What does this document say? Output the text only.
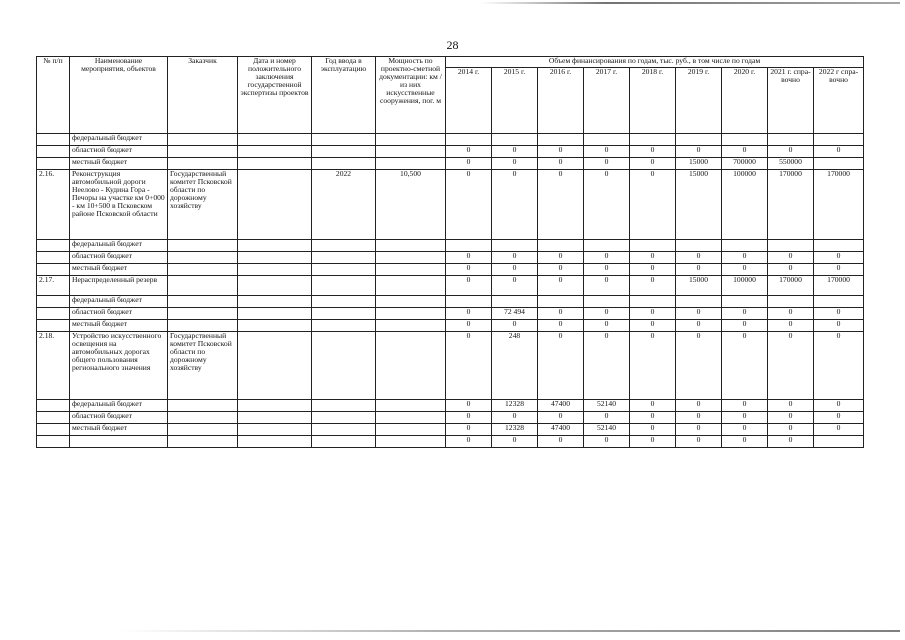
28
№ п/п	Наименование мероприятия, объектов	Заказчик	Дата и номер положительного заключения государственной экспертизы проектов	Год ввода в эксплуатацию	Мощность по проектно-сметной документации: км / из них искусственные сооружения, пог. м	Объем финансирования по годам, тыс. руб., в том числе по годам								
						2014 г.	2015 г.	2016 г.	2017 г.	2018 г.	2019 г.	2020 г.	2021 г. спра-вочно	2022 г спра-вочно
	федеральный бюджет													
	областной бюджет					0	0	0	0	0	0	0	0	0
	местный бюджет					0	0	0	0	0	15000	700000	550000	
2.16.	Реконструкция автомобильной дороги Неелово - Кудина Гора - Печоры на участке км 0+000 - км 10+500 в Псковском районе Псковской области	Государственный комитет Псковской области по дорожному хозяйству		2022	10,500	0	0	0	0	0	15000	100000	170000	170000
	федеральный бюджет													
	областной бюджет					0	0	0	0	0	0	0	0	0
	местный бюджет					0	0	0	0	0	0	0	0	0
2.17.	Нераспределенный резерв					0	0	0	0	0	15000	100000	170000	170000
	федеральный бюджет													
	областной бюджет					0	72 494	0	0	0	0	0	0	0
	местный бюджет					0	0	0	0	0	0	0	0	0
2.18.	Устройство искусственного освещения на автомобильных дорогах общего пользования регионального значения	Государственный комитет Псковской области по дорожному хозяйству				0	248	0	0	0	0	0	0	0
	федеральный бюджет					0	12328	47400	52140	0	0	0	0	0
	областной бюджет					0	0	0	0	0	0	0	0	0
	местный бюджет					0	12328	47400	52140	0	0	0	0	0
						0	0	0	0	0	0	0	0	
